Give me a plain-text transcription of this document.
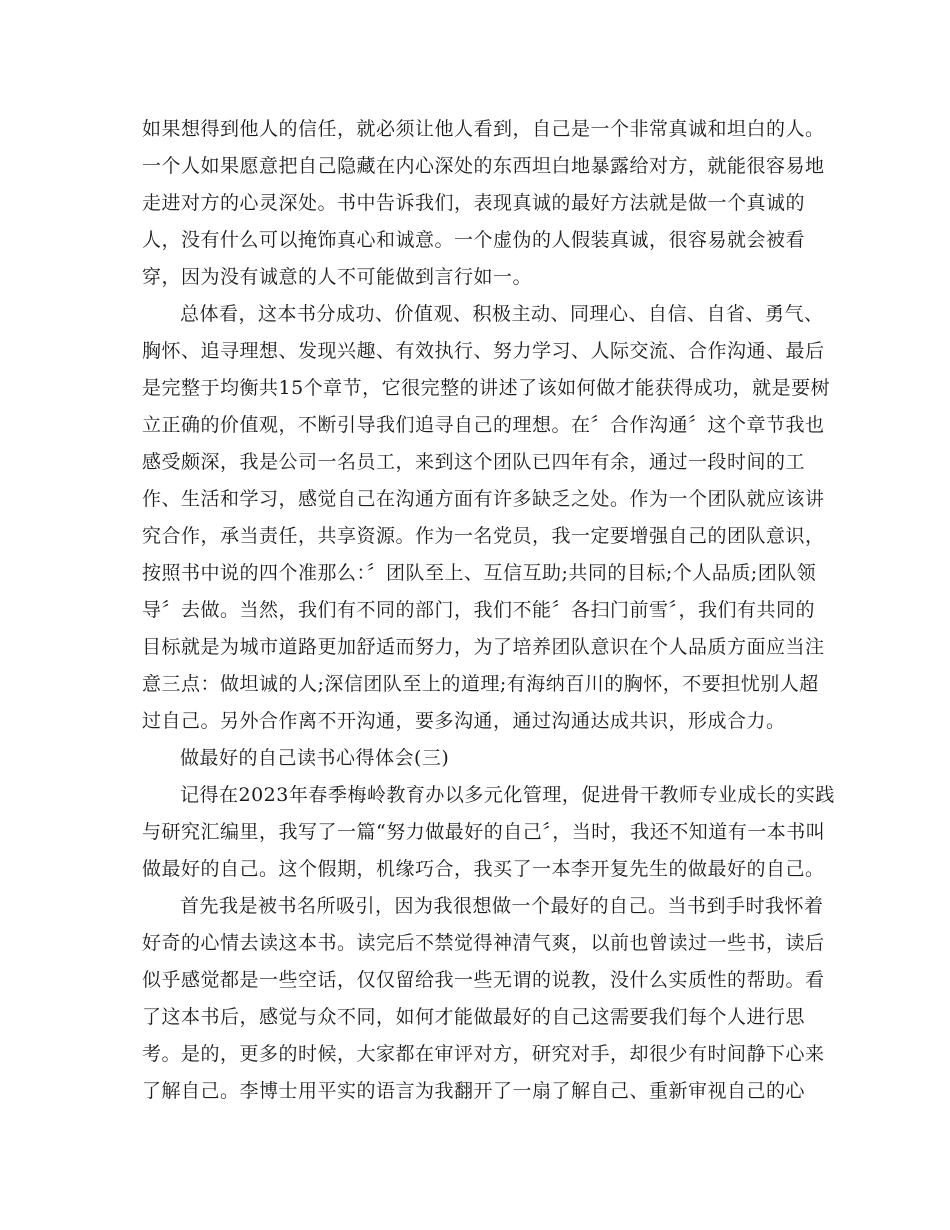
如果想得到他人的信任，就必须让他人看到，自己是一个非常真诚和坦白的人。
一个人如果愿意把自己隐藏在内心深处的东西坦白地暴露给对方，就能很容易地
走进对方的心灵深处。书中告诉我们，表现真诚的最好方法就是做一个真诚的
人，没有什么可以掩饰真心和诚意。一个虚伪的人假装真诚，很容易就会被看
穿，因为没有诚意的人不可能做到言行如一。
总体看，这本书分成功、价值观、积极主动、同理心、自信、自省、勇气、
胸怀、追寻理想、发现兴趣、有效执行、努力学习、人际交流、合作沟通、最后
是完整于均衡共15个章节，它很完整的讲述了该如何做才能获得成功，就是要树
立正确的价值观，不断引导我们追寻自己的理想。在〞合作沟通〞这个章节我也
感受颇深，我是公司一名员工，来到这个团队已四年有余，通过一段时间的工
作、生活和学习，感觉自己在沟通方面有许多缺乏之处。作为一个团队就应该讲
究合作，承当责任，共享资源。作为一名党员，我一定要增强自己的团队意识，
按照书中说的四个准那么：〞团队至上、互信互助;共同的目标;个人品质;团队领
导〞去做。当然，我们有不同的部门，我们不能〞各扫门前雪〞，我们有共同的
目标就是为城市道路更加舒适而努力，为了培养团队意识在个人品质方面应当注
意三点：做坦诚的人;深信团队至上的道理;有海纳百川的胸怀，不要担忧别人超
过自己。另外合作离不开沟通，要多沟通，通过沟通达成共识，形成合力。
做最好的自己读书心得体会(三)
记得在2023年春季梅岭教育办以多元化管理，促进骨干教师专业成长的实践
与研究汇编里，我写了一篇“努力做最好的自己〞，当时，我还不知道有一本书叫
做最好的自己。这个假期，机缘巧合，我买了一本李开复先生的做最好的自己。
首先我是被书名所吸引，因为我很想做一个最好的自己。当书到手时我怀着
好奇的心情去读这本书。读完后不禁觉得神清气爽，以前也曾读过一些书，读后
似乎感觉都是一些空话，仅仅留给我一些无谓的说教，没什么实质性的帮助。看
了这本书后，感觉与众不同，如何才能做最好的自己这需要我们每个人进行思
考。是的，更多的时候，大家都在审评对方，研究对手，却很少有时间静下心来
了解自己。李博士用平实的语言为我翻开了一扇了解自己、重新审视自己的心
